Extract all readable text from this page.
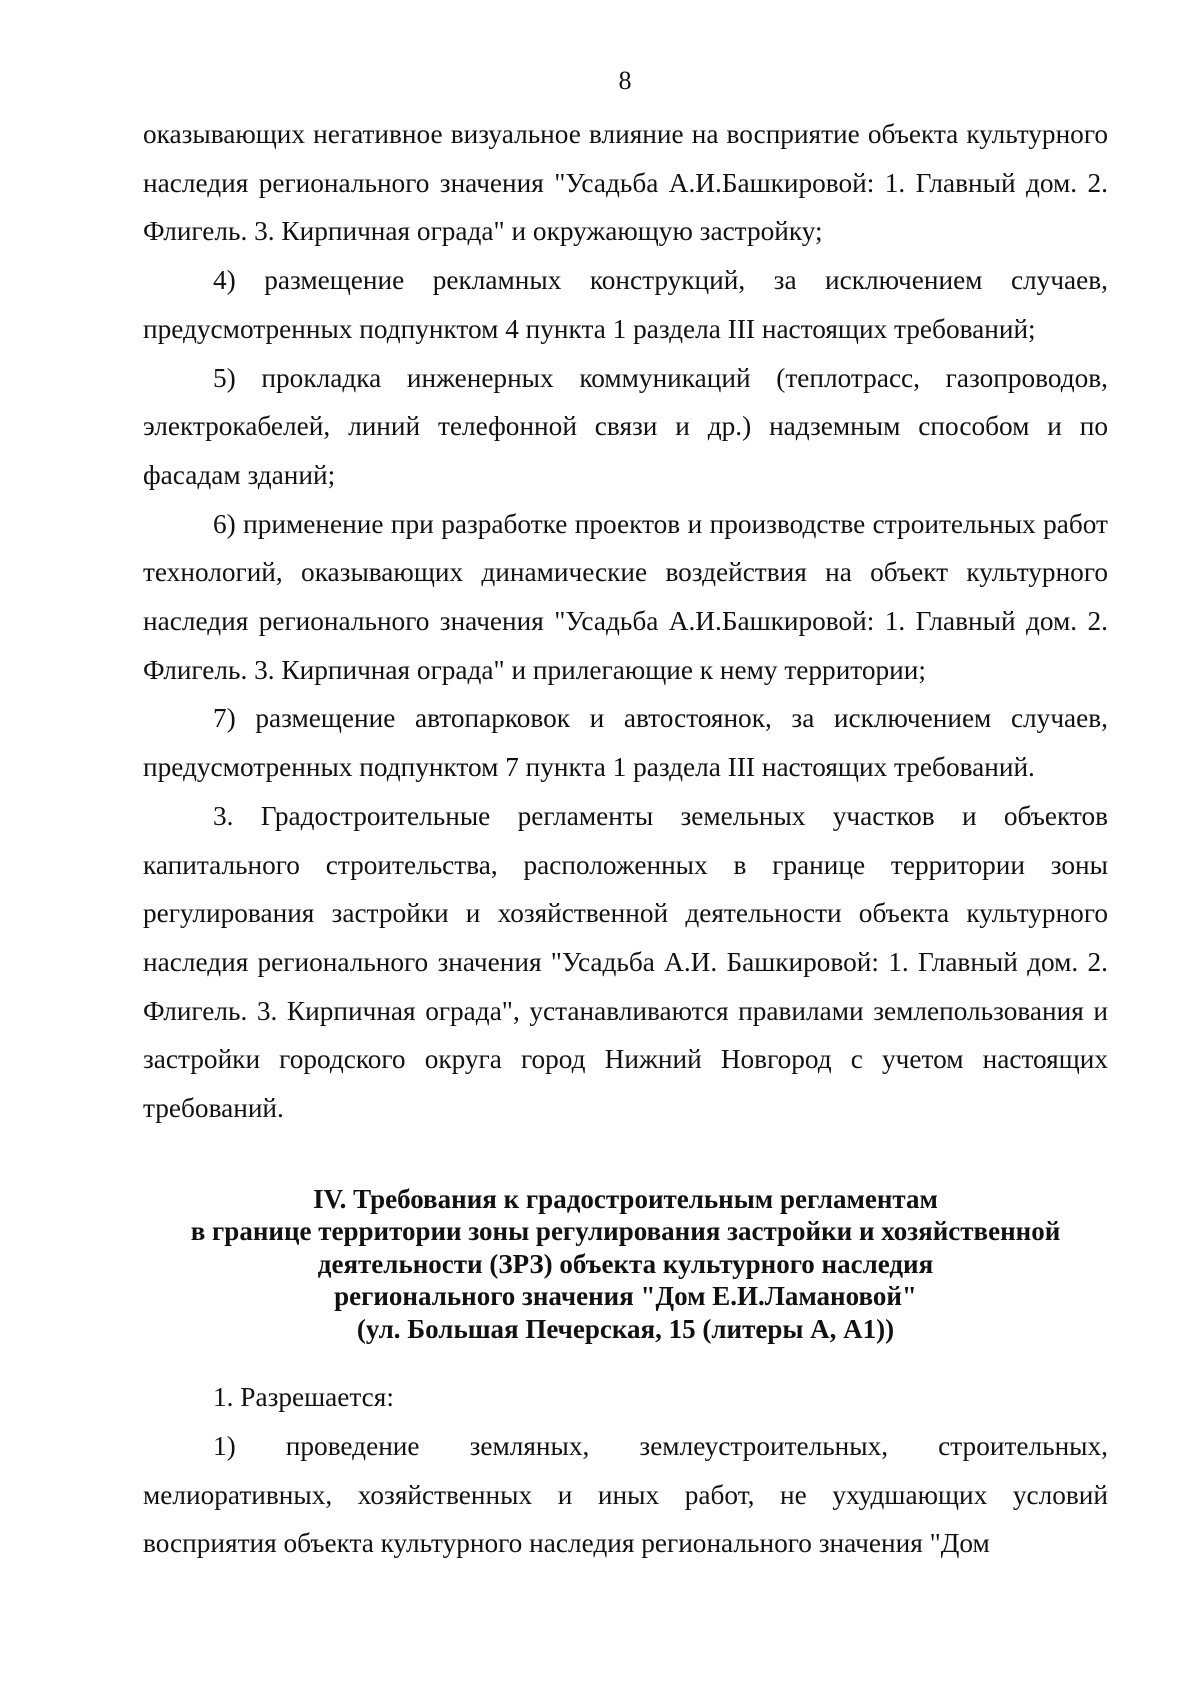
8

оказывающих негативное визуальное влияние на восприятие объекта культурного наследия регионального значения "Усадьба А.И.Башкировой: 1. Главный дом. 2. Флигель. 3. Кирпичная ограда" и окружающую застройку;

4) размещение рекламных конструкций, за исключением случаев, предусмотренных подпунктом 4 пункта 1 раздела III настоящих требований;

5) прокладка инженерных коммуникаций (теплотрасс, газопроводов, электрокабелей, линий телефонной связи и др.) надземным способом и по фасадам зданий;

6) применение при разработке проектов и производстве строительных работ технологий, оказывающих динамические воздействия на объект культурного наследия регионального значения "Усадьба А.И.Башкировой: 1. Главный дом. 2. Флигель. 3. Кирпичная ограда" и прилегающие к нему территории;

7) размещение автопарковок и автостоянок, за исключением случаев, предусмотренных подпунктом 7 пункта 1 раздела III настоящих требований.

3. Градостроительные регламенты земельных участков и объектов капитального строительства, расположенных в границе территории зоны регулирования застройки и хозяйственной деятельности объекта культурного наследия регионального значения "Усадьба А.И. Башкировой: 1. Главный дом. 2. Флигель. 3. Кирпичная ограда", устанавливаются правилами землепользования и застройки городского округа город Нижний Новгород с учетом настоящих требований.

IV. Требования к градостроительным регламентам
в границе территории зоны регулирования застройки и хозяйственной
деятельности (ЗРЗ) объекта культурного наследия
регионального значения "Дом Е.И.Ламановой"
(ул. Большая Печерская, 15 (литеры А, А1))

1. Разрешается:

1) проведение земляных, землеустроительных, строительных, мелиоративных, хозяйственных и иных работ, не ухудшающих условий восприятия объекта культурного наследия регионального значения "Дом
